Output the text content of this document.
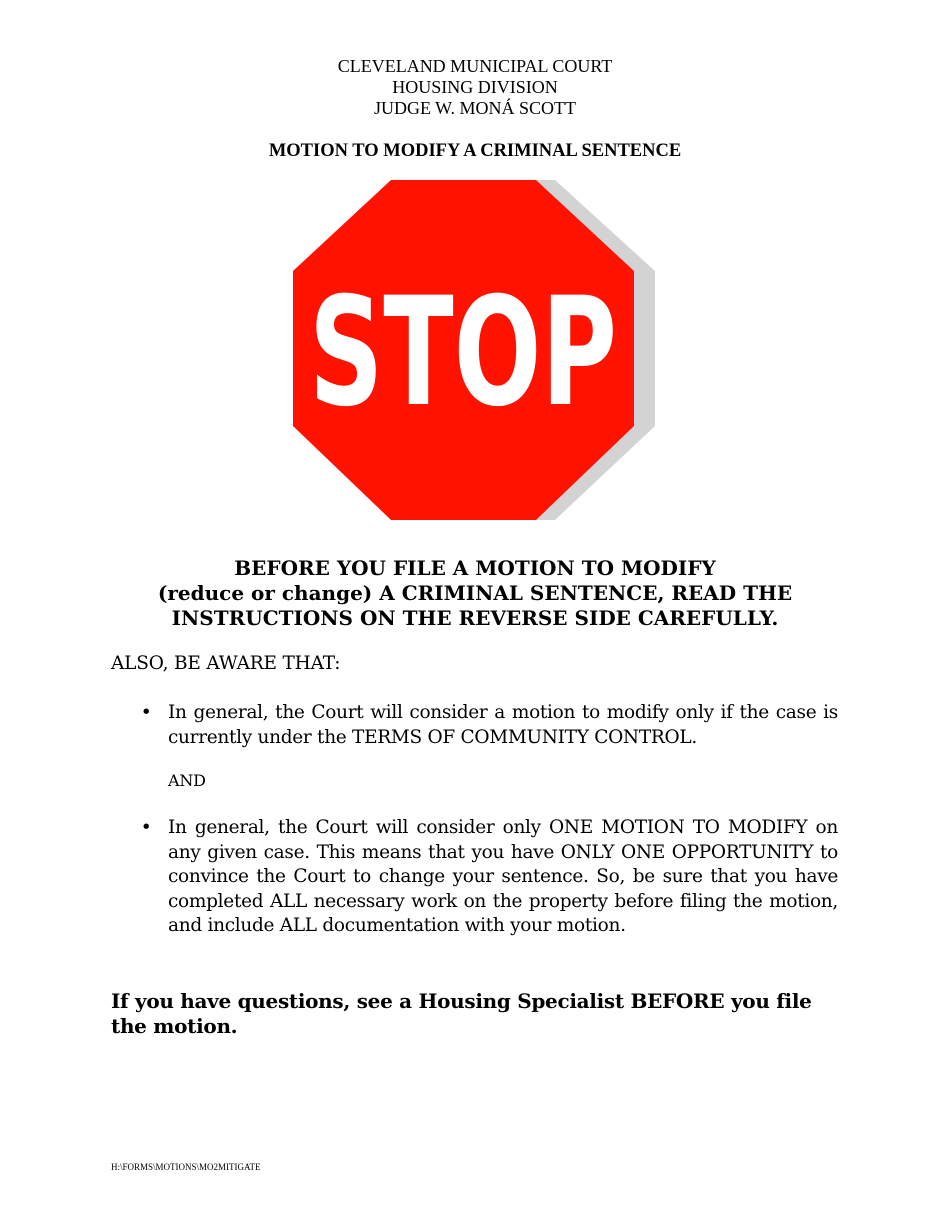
CLEVELAND MUNICIPAL COURT
HOUSING DIVISION
JUDGE W. MONÁ SCOTT
MOTION TO MODIFY A CRIMINAL SENTENCE
STOP
BEFORE YOU FILE A MOTION TO MODIFY
(reduce or change) A CRIMINAL SENTENCE, READ THE
INSTRUCTIONS ON THE REVERSE SIDE CAREFULLY.
ALSO, BE AWARE THAT:
• In general, the Court will consider a motion to modify only if the case is currently under the TERMS OF COMMUNITY CONTROL.
AND
• In general, the Court will consider only ONE MOTION TO MODIFY on any given case. This means that you have ONLY ONE OPPORTUNITY to convince the Court to change your sentence. So, be sure that you have completed ALL necessary work on the property before filing the motion, and include ALL documentation with your motion.
If you have questions, see a Housing Specialist BEFORE you file the motion.
H:\FORMS\MOTIONS\MO2MITIGATE
